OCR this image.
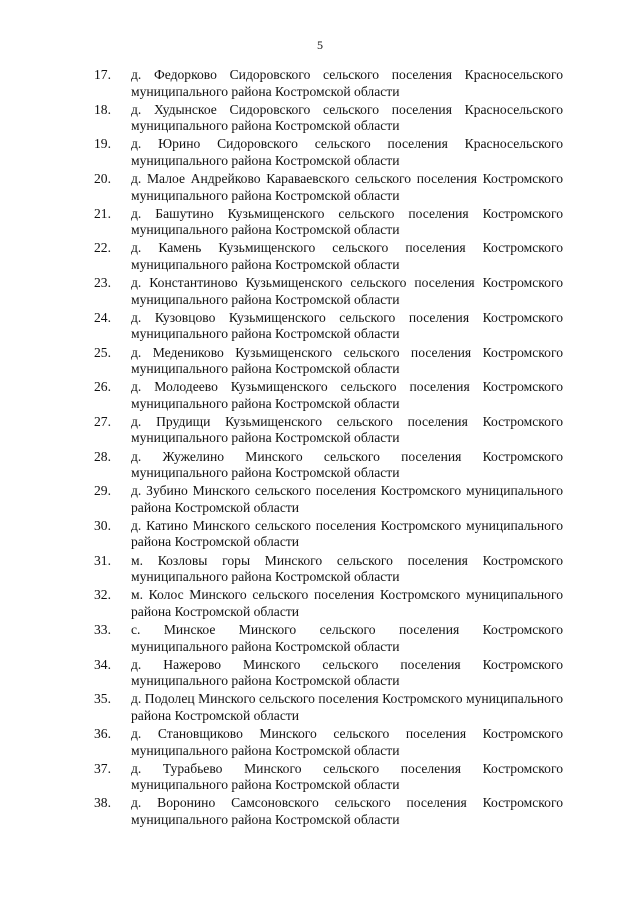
5
17.	д. Федорково Сидоровского сельского поселения Красносельского муниципального района Костромской области
18.	д. Худынское Сидоровского сельского поселения Красносельского муниципального района Костромской области
19.	д. Юрино Сидоровского сельского поселения Красносельского муниципального района Костромской области
20.	д. Малое Андрейково Караваевского сельского поселения Костромского муниципального района Костромской области
21.	д. Башутино Кузьмищенского сельского поселения Костромского муниципального района Костромской области
22.	д. Камень Кузьмищенского сельского поселения Костромского муниципального района Костромской области
23.	д. Константиново Кузьмищенского сельского поселения Костромского муниципального района Костромской области
24.	д. Кузовцово Кузьмищенского сельского поселения Костромского муниципального района Костромской области
25.	д. Медениково Кузьмищенского сельского поселения Костромского муниципального района Костромской области
26.	д. Молодеево Кузьмищенского сельского поселения Костромского муниципального района Костромской области
27.	д. Прудищи Кузьмищенского сельского поселения Костромского муниципального района Костромской области
28.	д. Жужелино Минского сельского поселения Костромского муниципального района Костромской области
29.	д. Зубино Минского сельского поселения Костромского муниципального района Костромской области
30.	д. Катино Минского сельского поселения Костромского муниципального района Костромской области
31.	м. Козловы горы Минского сельского поселения Костромского муниципального района Костромской области
32.	м. Колос Минского сельского поселения Костромского муниципального района Костромской области
33.	с. Минское Минского сельского поселения Костромского муниципального района Костромской области
34.	д. Нажерово Минского сельского поселения Костромского муниципального района Костромской области
35.	д. Подолец Минского сельского поселения Костромского муниципального района Костромской области
36.	д. Становщиково Минского сельского поселения Костромского муниципального района Костромской области
37.	д. Турабьево Минского сельского поселения Костромского муниципального района Костромской области
38.	д. Воронино Самсоновского сельского поселения Костромского муниципального района Костромской области
